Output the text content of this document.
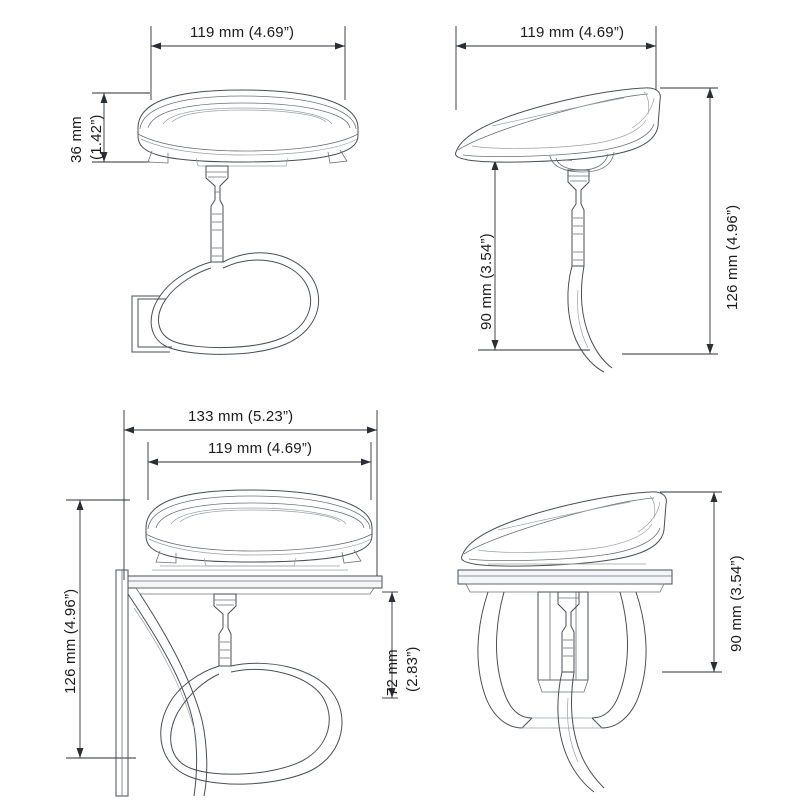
119 mm (4.69”)
36 mm (1.42”)
119 mm (4.69”)
90 mm (3.54”)	126 mm (4.96”)
133 mm (5.23”)
119 mm (4.69”)
126 mm (4.96”)	72 mm (2.83”)
90 mm (3.54”)
